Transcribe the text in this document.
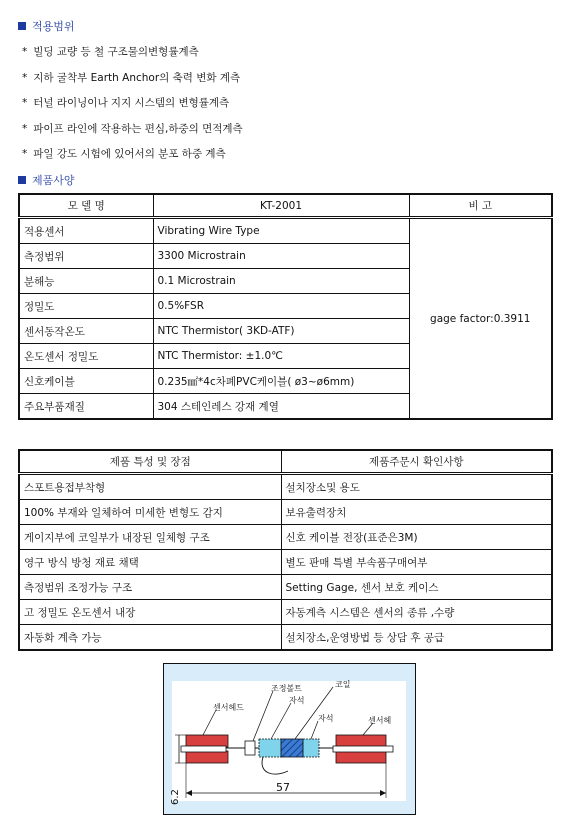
적용범위
* 빌딩 교량 등 철 구조물의변형률계측
* 지하 굴착부 Earth Anchor의 축력 변화 계측
* 터널 라이닝이나 지지 시스템의 변형률계측
* 파이프 라인에 작용하는 편심,하중의 면적계측
* 파일 강도 시험에 있어서의 분포 하중 계측
제품사양
모 델 명	KT-2001	비 고
적용센서	Vibrating Wire Type	gage factor:0.3911
측정범위	3300 Microstrain	
분해능	0.1 Microstrain	
정밀도	0.5%FSR	
센서동작온도	NTC Thermistor( 3KD-ATF)	
온도센서 정밀도	NTC Thermistor: ±1.0℃	
신호케이블	0.235㎟*4c차폐PVC케이블( ø3~ø6mm)	
주요부품재질	304 스테인레스 강재 계열	
제품 특성 및 장점	제품주문시 확인사항
스포트용접부착형	설치장소및 용도
100% 부재와 일체하여 미세한 변형도 감지	보유출력장치
게이지부에 코일부가 내장된 일체형 구조	신호 케이블 전장(표준은3M)
영구 방식 방청 재료 채택	별도 판매 특별 부속품구매여부
측정범위 조정가능 구조	Setting Gage, 센서 보호 케이스
고 정밀도 온도센서 내장	자동계측 시스템은 센서의 종류 ,수량
자동화 계측 가능	설치장소,운영방법 등 상담 후 공급
센서헤드
조정볼트
자석
코일
자석	센서헤
57
6.2
